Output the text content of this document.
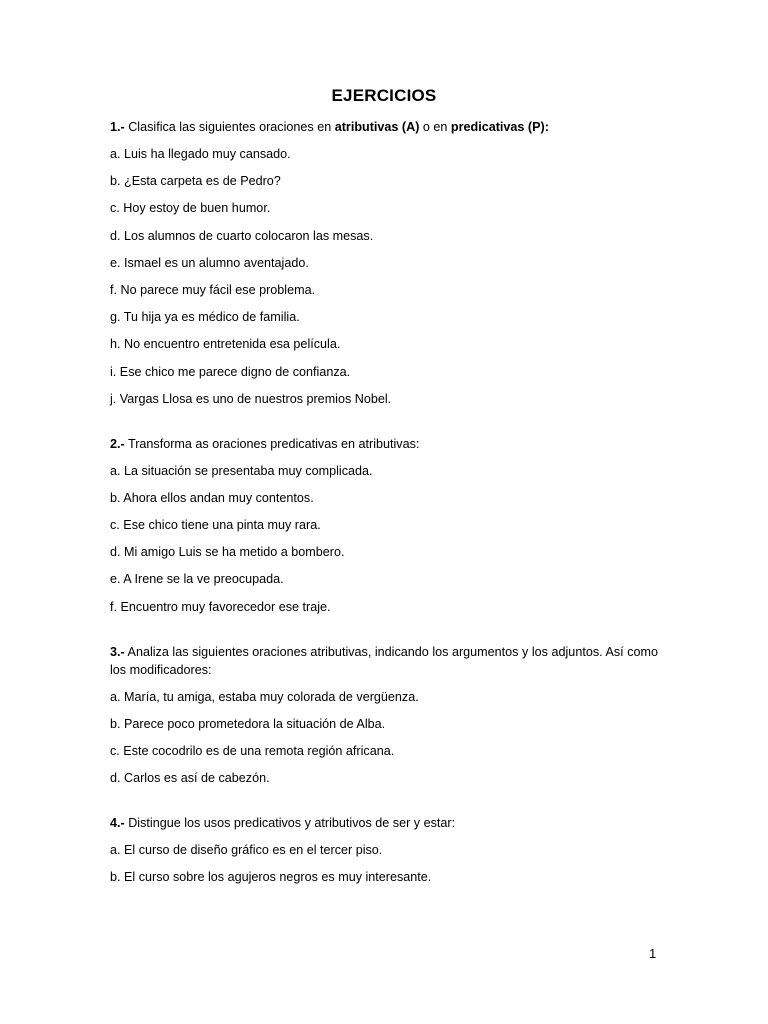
EJERCICIOS
1.- Clasifica las siguientes oraciones en atributivas (A) o en predicativas (P):
a. Luis ha llegado muy cansado.
b. ¿Esta carpeta es de Pedro?
c. Hoy estoy de buen humor.
d. Los alumnos de cuarto colocaron las mesas.
e. Ismael es un alumno aventajado.
f. No parece muy fácil ese problema.
g. Tu hija ya es médico de familia.
h. No encuentro entretenida esa película.
i. Ese chico me parece digno de confianza.
j. Vargas Llosa es uno de nuestros premios Nobel.
2.- Transforma as oraciones predicativas en atributivas:
a. La situación se presentaba muy complicada.
b. Ahora ellos andan muy contentos.
c. Ese chico tiene una pinta muy rara.
d. Mi amigo Luis se ha metido a bombero.
e. A Irene se la ve preocupada.
f. Encuentro muy favorecedor ese traje.
3.- Analiza las siguientes oraciones atributivas, indicando los argumentos y los adjuntos. Así como los modificadores:
a. María, tu amiga, estaba muy colorada de vergüenza.
b. Parece poco prometedora la situación de Alba.
c. Este cocodrilo es de una remota región africana.
d. Carlos es así de cabezón.
4.- Distingue los usos predicativos y atributivos de ser y estar:
a. El curso de diseño gráfico es en el tercer piso.
b. El curso sobre los agujeros negros es muy interesante.
1
